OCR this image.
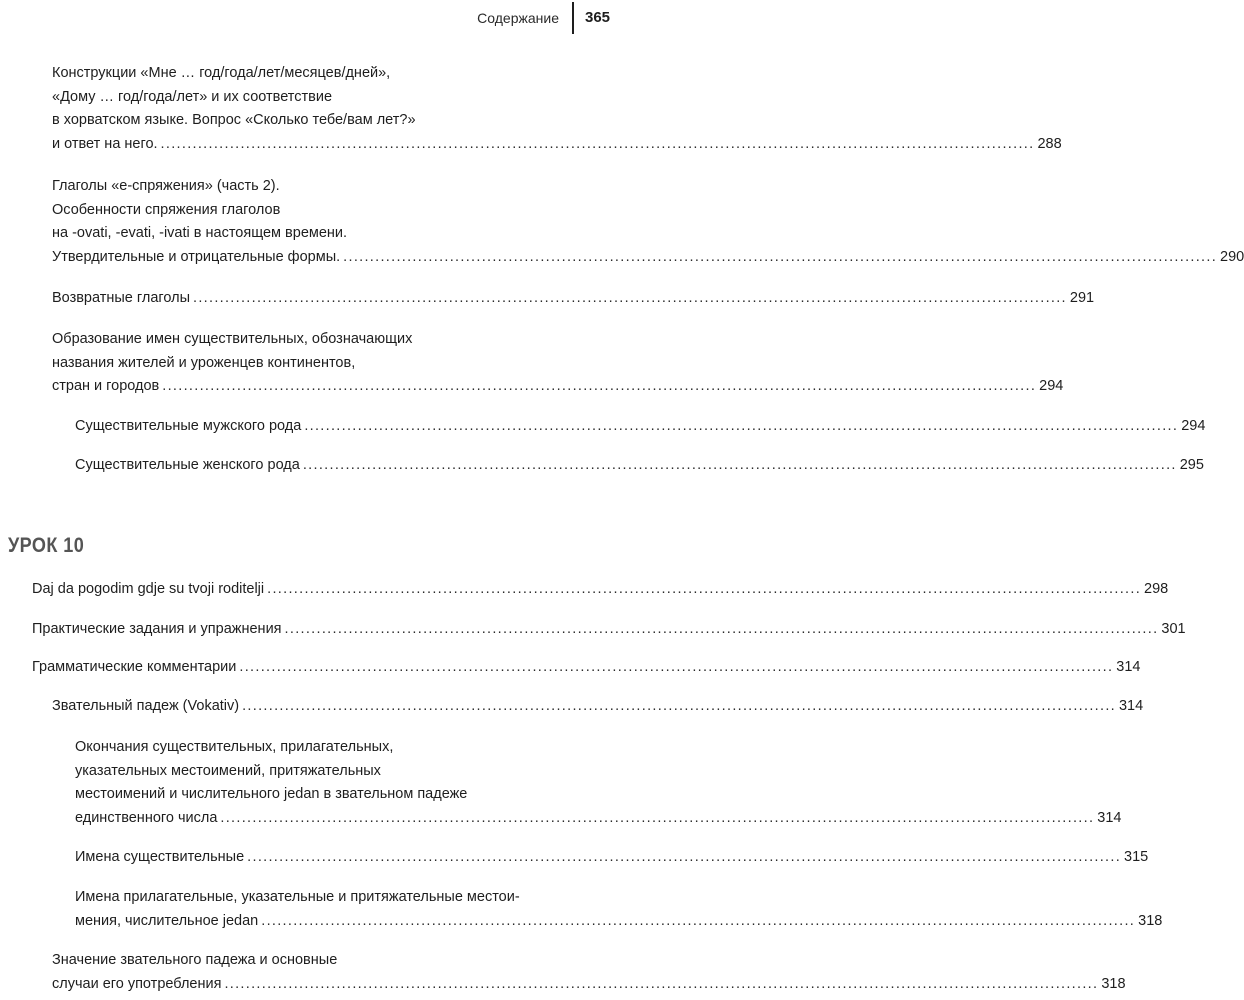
Содержание 365
Конструкции «Мне … год/года/лет/месяцев/дней»,
«Дому … год/года/лет» и их соответствие
в хорватском языке. Вопрос «Сколько тебе/вам лет?»
и ответ на него. .................................................................................................................................................................... 288
Глаголы «e-спряжения» (часть 2).
Особенности спряжения глаголов
на -ovati, -evati, -ivati в настоящем времени.
Утвердительные и отрицательные формы. .................................................................................................................................................................... 290
Возвратные глаголы .................................................................................................................................................................... 291
Образование имен существительных, обозначающих
названия жителей и уроженцев континентов,
стран и городов .................................................................................................................................................................... 294
Существительные мужского рода .................................................................................................................................................................... 294
Существительные женского рода .................................................................................................................................................................... 295
УРОК 10
Daj da pogodim gdje su tvoji roditelji .................................................................................................................................................................... 298
Практические задания и упражнения .................................................................................................................................................................... 301
Грамматические комментарии .................................................................................................................................................................... 314
Звательный падеж (Vokativ) .................................................................................................................................................................... 314
Окончания существительных, прилагательных,
указательных местоимений, притяжательных
местоимений и числительного jedan в звательном падеже
единственного числа .................................................................................................................................................................... 314
Имена существительные .................................................................................................................................................................... 315
Имена прилагательные, указательные и притяжательные местои-
мения, числительное jedan .................................................................................................................................................................... 318
Значение звательного падежа и основные
случаи его употребления .................................................................................................................................................................... 318
